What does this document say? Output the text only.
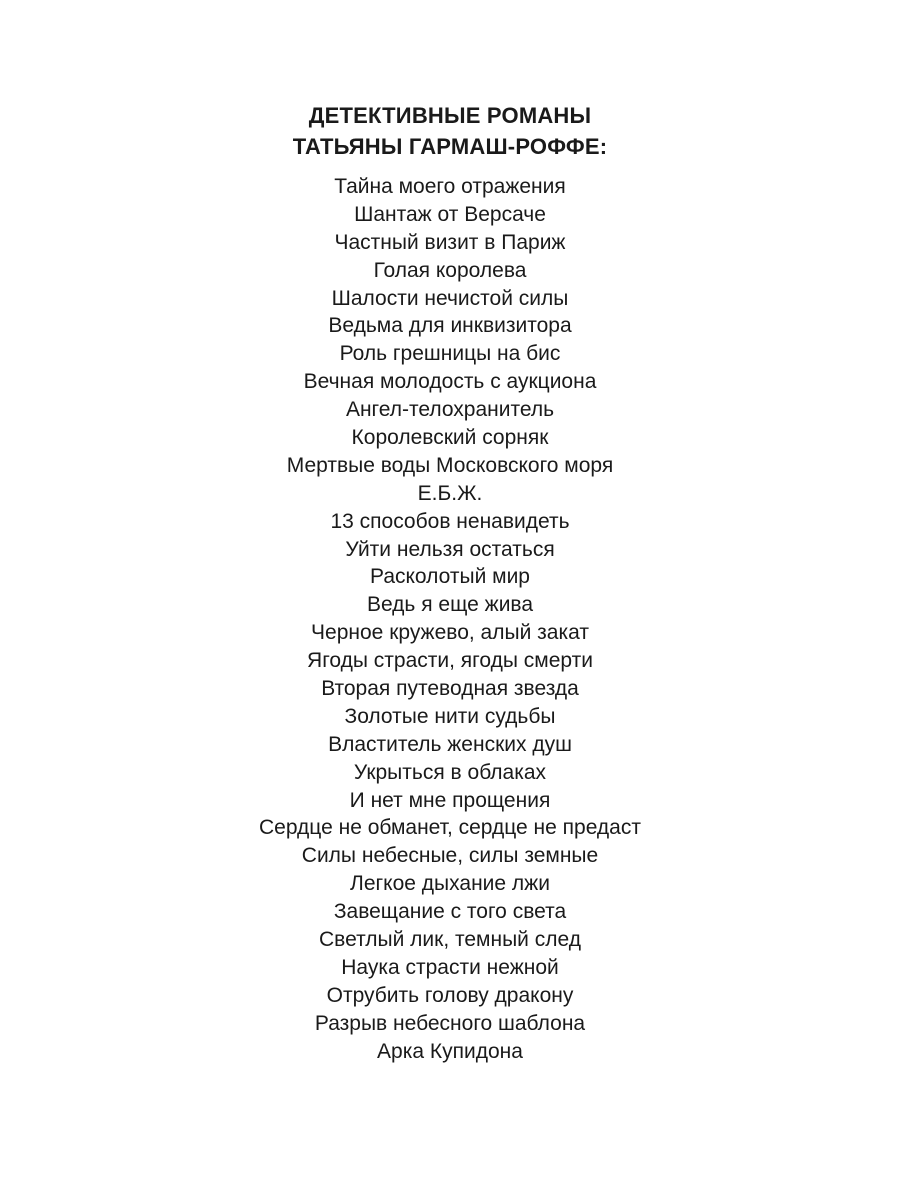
ДЕТЕКТИВНЫЕ РОМАНЫ
ТАТЬЯНЫ ГАРМАШ-РОФФЕ:
Тайна моего отражения
Шантаж от Версаче
Частный визит в Париж
Голая королева
Шалости нечистой силы
Ведьма для инквизитора
Роль грешницы на бис
Вечная молодость с аукциона
Ангел-телохранитель
Королевский сорняк
Мертвые воды Московского моря
Е.Б.Ж.
13 способов ненавидеть
Уйти нельзя остаться
Расколотый мир
Ведь я еще жива
Черное кружево, алый закат
Ягоды страсти, ягоды смерти
Вторая путеводная звезда
Золотые нити судьбы
Властитель женских душ
Укрыться в облаках
И нет мне прощения
Сердце не обманет, сердце не предаст
Силы небесные, силы земные
Легкое дыхание лжи
Завещание с того света
Светлый лик, темный след
Наука страсти нежной
Отрубить голову дракону
Разрыв небесного шаблона
Арка Купидона
